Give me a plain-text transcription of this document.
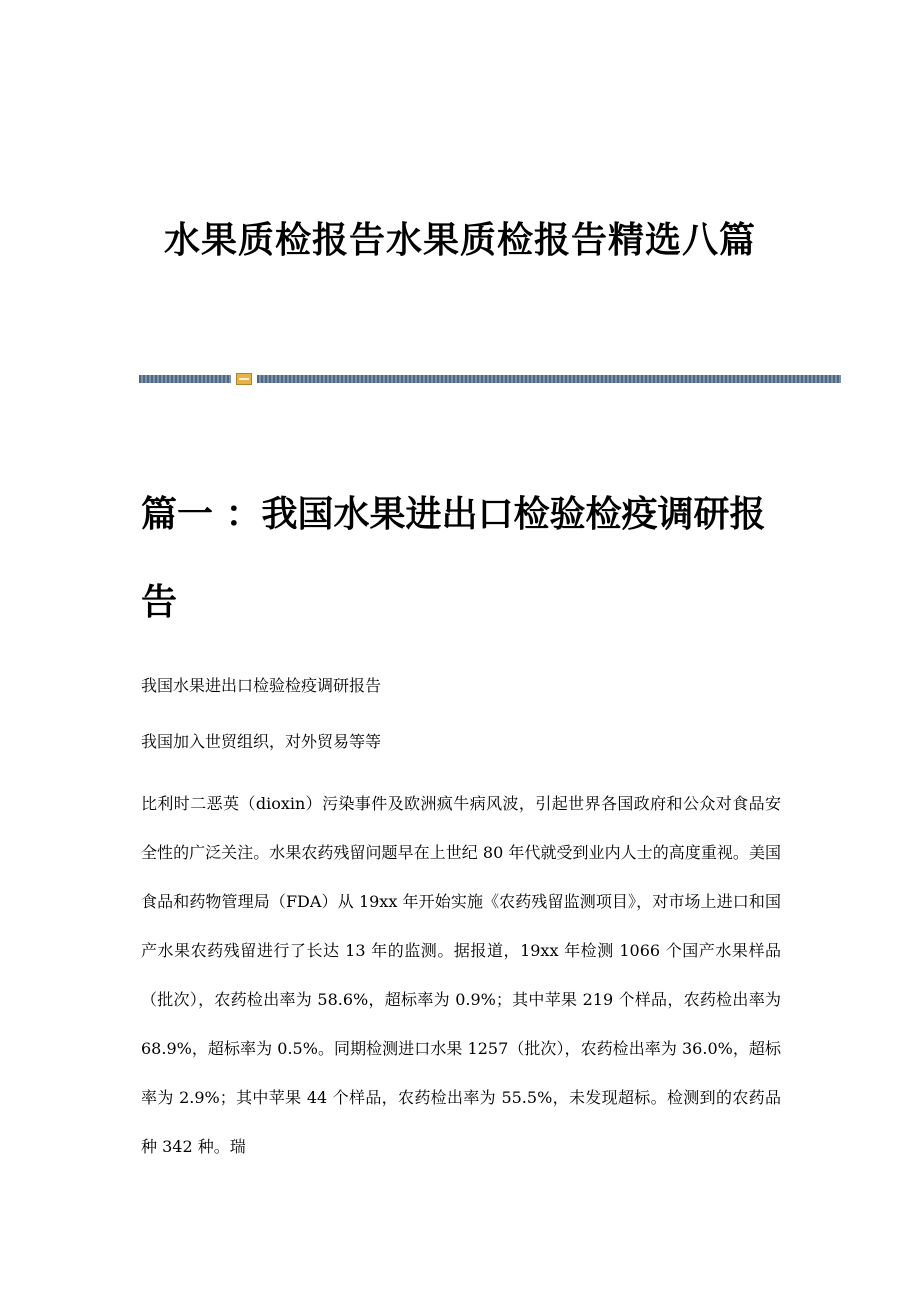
水果质检报告水果质检报告精选八篇
篇一 ：我国水果进出口检验检疫调研报告

我国水果进出口检验检疫调研报告

我国加入世贸组织，对外贸易等等

比利时二恶英（dioxin）污染事件及欧洲疯牛病风波，引起世界各国政府和公众对食品安全性的广泛关注。水果农药残留问题早在上世纪 80 年代就受到业内人士的高度重视。美国食品和药物管理局（FDA）从 19xx 年开始实施《农药残留监测项目》，对市场上进口和国产水果农药残留进行了长达 13 年的监测。据报道，19xx 年检测 1066 个国产水果样品（批次），农药检出率为 58.6%，超标率为 0.9%；其中苹果 219 个样品，农药检出率为 68.9%，超标率为 0.5%。同期检测进口水果 1257（批次），农药检出率为 36.0%，超标率为 2.9%；其中苹果 44 个样品，农药检出率为 55.5%，未发现超标。检测到的农药品种 342 种。瑞
